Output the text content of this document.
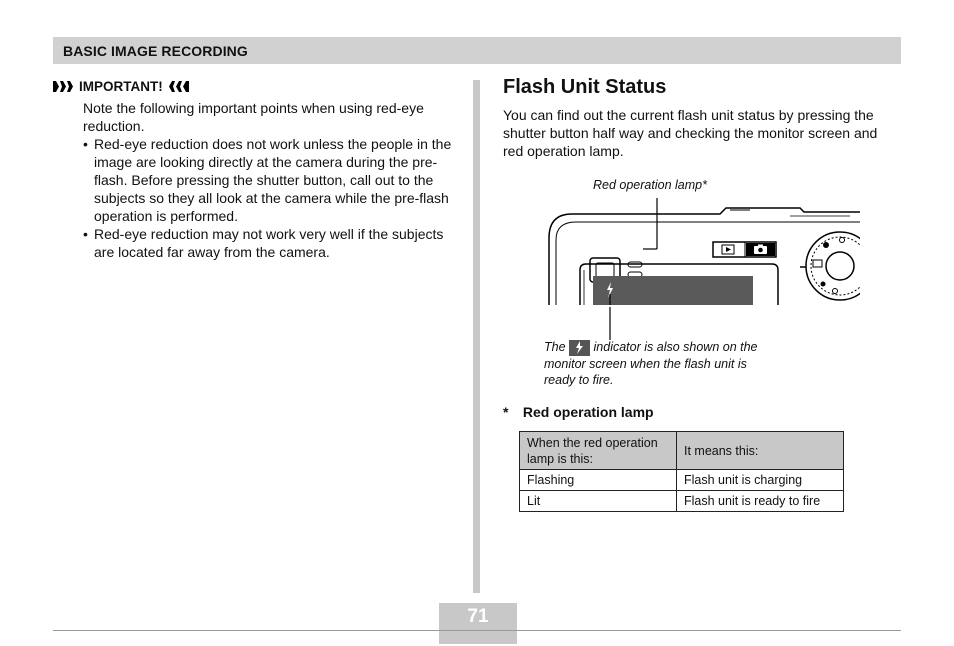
BASIC IMAGE RECORDING
IMPORTANT!

Note the following important points when using red-eye reduction.

• Red-eye reduction does not work unless the people in the image are looking directly at the camera during the pre-flash. Before pressing the shutter button, call out to the subjects so they all look at the camera while the pre-flash operation is performed.
• Red-eye reduction may not work very well if the subjects are located far away from the camera.
Flash Unit Status

You can find out the current flash unit status by pressing the shutter button half way and checking the monitor screen and red operation lamp.

Red operation lamp*

The indicator is also shown on the monitor screen when the flash unit is ready to fire.

* Red operation lamp
When the red operation lamp is this:	It means this:
Flashing	Flash unit is charging
Lit	Flash unit is ready to fire
71
